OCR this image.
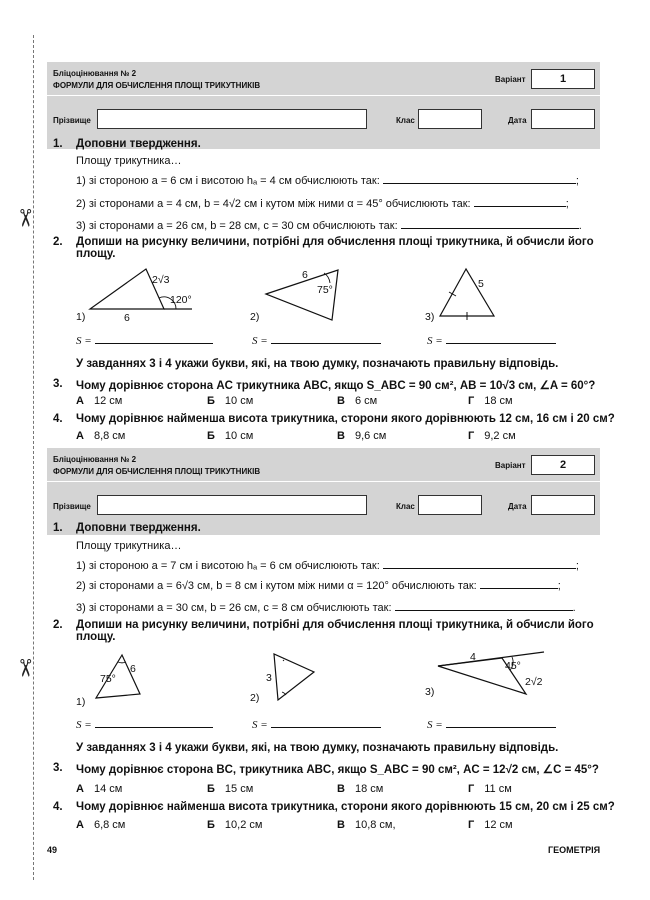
✂
✂
Бліцоцінювання № 2
ФОРМУЛИ ДЛЯ ОБЧИСЛЕННЯ ПЛОЩІ ТРИКУТНИКІВ
Варіант	1
Прізвище	Клас	Дата
1. Доповни твердження.
Площу трикутника…
1) зі стороною a = 6 см і висотою hₐ = 4 см обчислюють так:	;
2) зі сторонами a = 4 см, b = 4√2 см і кутом між ними α = 45° обчислюють так:	;
3) зі сторонами a = 26 см, b = 28 см, c = 30 см обчислюють так:	.
2. Допиши на рисунку величини, потрібні для обчислення площі трикутника, й обчисли його
площу.
2√3
120°
6
1)
6
75°
2)
5
3)
S =	S =	S =
У завданнях 3 і 4 укажи букви, які, на твою думку, позначають правильну відповідь.
3. Чому дорівнює сторона AC трикутника ABC, якщо S_ABC = 90 см², AB = 10√3 см, ∠A = 60°?
А 12 см	Б 10 см	В 6 см	Г 18 см
4. Чому дорівнює найменша висота трикутника, сторони якого дорівнюють 12 см, 16 см і 20 см?
А 8,8 см	Б 10 см	В 9,6 см	Г 9,2 см
Бліцоцінювання № 2
ФОРМУЛИ ДЛЯ ОБЧИСЛЕННЯ ПЛОЩІ ТРИКУТНИКІВ
Варіант	2
Прізвище	Клас	Дата
1. Доповни твердження.
Площу трикутника…
1) зі стороною a = 7 см і висотою hₐ = 6 см обчислюють так:	;
2) зі сторонами a = 6√3 см, b = 8 см і кутом між ними α = 120° обчислюють так:	;
3) зі сторонами a = 30 см, b = 26 см, c = 8 см обчислюють так:	.
2. Допиши на рисунку величини, потрібні для обчислення площі трикутника, й обчисли його
площу.
6
75°
1)
3
2)
4
45°
2√2
3)
S =	S =	S =
У завданнях 3 і 4 укажи букви, які, на твою думку, позначають правильну відповідь.
3. Чому дорівнює сторона BC, трикутника ABC, якщо S_ABC = 90 см², AC = 12√2 см, ∠C = 45°?
А 14 см	Б 15 см	В 18 см	Г 11 см
4. Чому дорівнює найменша висота трикутника, сторони якого дорівнюють 15 см, 20 см і 25 см?
А 6,8 см	Б 10,2 см	В 10,8 см,	Г 12 см
49	ГЕОМЕТРІЯ
